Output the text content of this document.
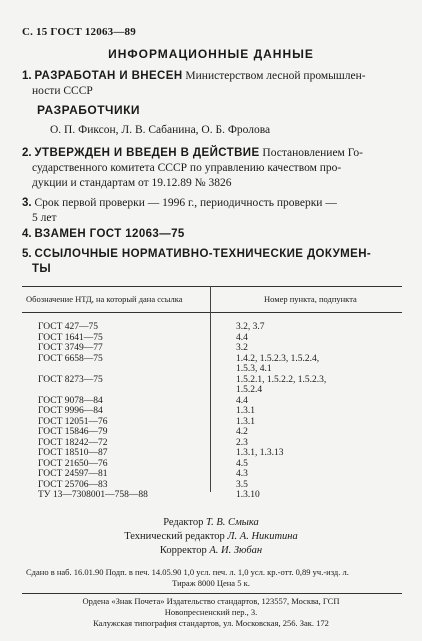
С. 15 ГОСТ 12063—89
ИНФОРМАЦИОННЫЕ ДАННЫЕ
1. РАЗРАБОТАН И ВНЕСЕН Министерством лесной промышлен-
ности СССР
РАЗРАБОТЧИКИ
О. П. Фиксон, Л. В. Сабанина, О. Б. Фролова
2. УТВЕРЖДЕН И ВВЕДЕН В ДЕЙСТВИЕ Постановлением Го-
сударственного комитета СССР по управлению качеством про-
дукции и стандартам от 19.12.89 № 3826
3. Срок первой проверки — 1996 г., периодичность проверки —
5 лет
4. ВЗАМЕН ГОСТ 12063—75
5. ССЫЛОЧНЫЕ НОРМАТИВНО-ТЕХНИЧЕСКИЕ ДОКУМЕН-
ТЫ
Обозначение НТД, на который дана ссылка	Номер пункта, подпункта
ГОСТ 427—75	3.2, 3.7
ГОСТ 1641—75	4.4
ГОСТ 3749—77	3.2
ГОСТ 6658—75	1.4.2, 1.5.2.3, 1.5.2.4,
1.5.3, 4.1
ГОСТ 8273—75	1.5.2.1, 1.5.2.2, 1.5.2.3,
1.5.2.4
ГОСТ 9078—84	4.4
ГОСТ 9996—84	1.3.1
ГОСТ 12051—76	1.3.1
ГОСТ 15846—79	4.2
ГОСТ 18242—72	2.3
ГОСТ 18510—87	1.3.1, 1.3.13
ГОСТ 21650—76	4.5
ГОСТ 24597—81	4.3
ГОСТ 25706—83	3.5
ТУ 13—7308001—758—88	1.3.10
Редактор Т. В. Смыка
Технический редактор Л. А. Никитина
Корректор А. И. Зюбан
Сдано в наб. 16.01.90 Подп. в печ. 14.05.90 1,0 усл. печ. л. 1,0 усл. кр.-отт. 0,89 уч.-изд. л.
Тираж 8000 Цена 5 к.
Ордена «Знак Почета» Издательство стандартов, 123557, Москва, ГСП
Новопресненский пер., 3.
Калужская типография стандартов, ул. Московская, 256. Зак. 172
